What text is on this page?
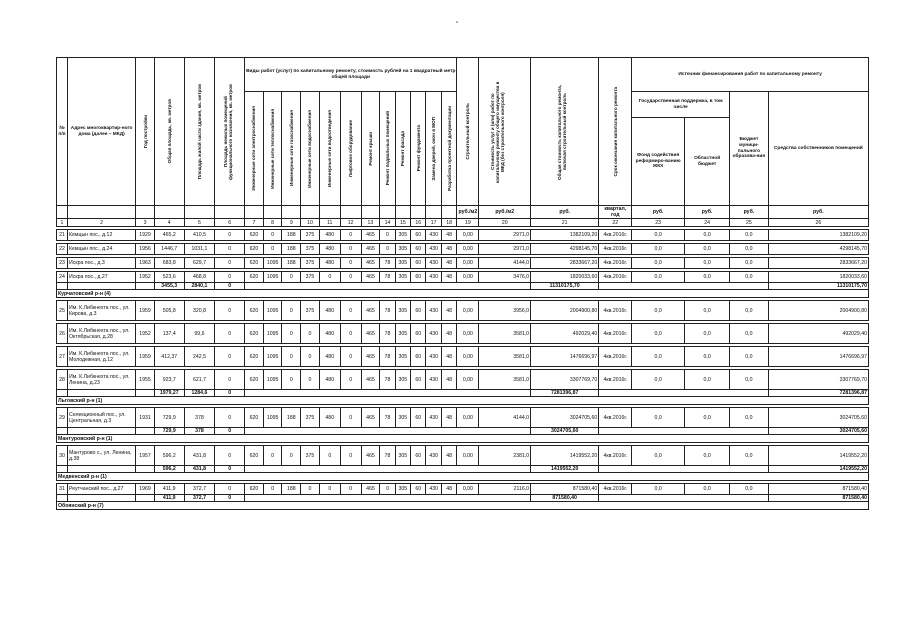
"
№ п/п	Адрес многоквартир-ного дома (далее – МКД)	Год постройки	Общая площадь, кв. метров	Площадь жилой части здания, кв. метров	Площадь нежилых помещений функционального назначения, кв. метров	Виды работ (услуг) по капитальному ремонту, стоимость рублей на 1 квадратный метр общей площади												Строительный контроль	Стоимость услуг и (или) работ по капитальному ремонту общего имущества в МКД (без строительного контроля)	Общая стоимость капитального ремонта, включая строительный контроль	Срок окончания капитального ремонта	Источник финансирования работ по капитальному ремонту			

						Инженерные сети электроснабжения	Инженерные сети теплоснабжения	Инженерные сети газоснабжения	Инженерные сети водоснабжения	Инженерные сети водоотведения	Лифтовое оборудование	Ремонт крыши	Ремонт подвальных помещений	Ремонт фасада	Ремонт фундамента	Замена дверей, окон в МОП	Разработка проектной документации					Государственная поддержка, в том числе		Бюджет муници-пального образова-ния	Средства собственников помещений
																						Фонд содействия реформиро-ванию ЖКХ	Областной бюджет		
																		руб./м2	руб./м2	руб.	квартал, год	руб.	руб.	руб.	руб.
1	2	3	4	5	6	7	8	9	10	11	12	13	14	15	16	17	18	19	20	21	22	23	24	25	26

21	Кемцын пос., д.12	1929	465,2	410,5	0	620	0	188	375	480	0	465	0	305	60	430	48	0,00	2971,0	1382109,20	4кв.2016г.	0,0	0,0	0,0	1382109,20

22	Кемцын пос., д.24	1956	1446,7	1031,1	0	620	0	188	375	480	0	465	0	305	60	430	48	0,00	2971,0	4298145,70	4кв.2016г.	0,0	0,0	0,0	4298145,70

23	Искра пос., д.3	1963	683,8	629,7	0	620	1095	188	375	480	0	465	78	305	60	430	48	0,00	4144,0	2833667,20	4кв.2016г.	0,0	0,0	0,0	2833667,20

24	Искра пос., д.27	1952	523,6	468,8	0	620	1095	0	375	0	0	465	78	305	60	430	48	0,00	3476,0	1820033,60	4кв.2016г.	0,0	0,0	0,0	1820033,60
			3455,3	2840,1	0															11310175,70					11310175,70
Курчатовский р-н (4)																									

25	Им. К.Либкнехта пос., ул. Кирова, д.3	1959	505,8	320,8	0	620	1095	0	375	480	0	465	78	305	60	430	48	0,00	3956,0	2004900,80	4кв.2016г.	0,0	0,0	0,0	2004900,80

26	Им. К.Либкнехта пос., ул. Октябрьская, д.28	1952	137,4	99,6	0	620	1095	0	0	480	0	465	78	305	60	430	48	0,00	3581,0	492029,40	4кв.2016г.	0,0	0,0	0,0	492029,40

27	Им. К.Либкнехта пос., ул. Молодежная, д.12	1959	412,37	242,5	0	620	1095	0	0	480	0	465	78	305	60	430	48	0,00	3581,0	1476696,97	4кв.2016г.	0,0	0,0	0,0	1476696,97

28	Им. К.Либкнехта пос., ул. Ленина, д.23	1955	923,7	621,7	0	620	1095	0	0	480	0	465	78	305	60	430	48	0,00	3581,0	3307769,70	4кв.2016г.	0,0	0,0	0,0	3307769,70
			1979,27	1284,6	0															7281396,87					7281396,87
Льговский р-н (1)																									

29	Селекционный пос., ул. Центральная, д.3	1931	729,9	378	0	620	1095	188	375	480	0	465	78	305	60	430	48	0,00	4144,0	3024705,60	4кв.2016г.	0,0	0,0	0,0	3024705,60
			729,9	378	0															3024705,60					3024705,60
Мантуровский р-н (1)																									

30	Мантурово с., ул. Ленина, д.38	1957	596,2	431,8	0	620	0	0	375	0	0	465	78	305	60	430	48	0,00	2381,0	1419552,20	4кв.2016г.	0,0	0,0	0,0	1419552,20
			596,2	431,8	0															1419552,20					1419552,20
Медвенский р-н (1)																									

31	Реутчанский пос., д.27	1969	411,9	372,7	0	620	0	188	0	0	0	465	0	305	60	430	48	0,00	2116,0	871580,40	4кв.2016г.	0,0	0,0	0,0	871580,40
			411,9	372,7	0															871580,40					871580,40
Обоянский р-н (7)																									
